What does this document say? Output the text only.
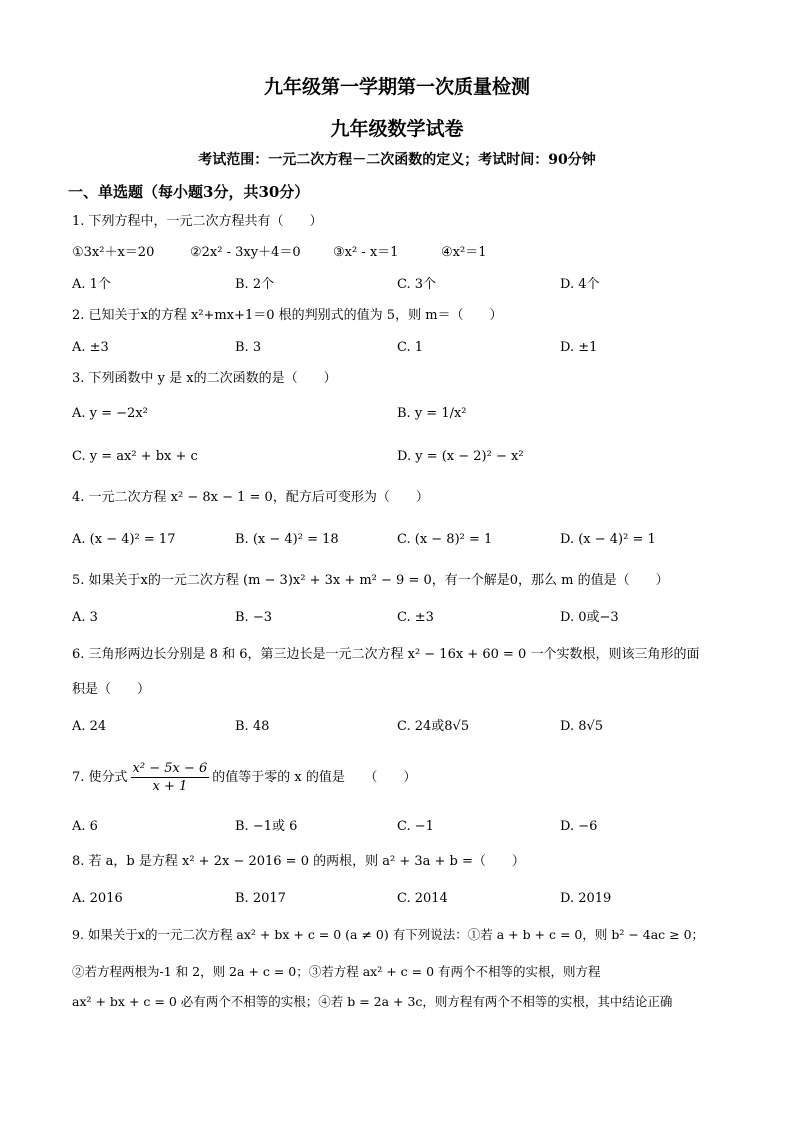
九年级第一学期第一次质量检测
九年级数学试卷
考试范围：一元二次方程－二次函数的定义；考试时间：90分钟
一、单选题（每小题3分，共30分）
1. 下列方程中，一元二次方程共有（　　）
①3x²＋x＝20	②2x² - 3xy＋4＝0 ③x² - x＝1	④x²＝1
A. 1个	B. 2个	C. 3个	D. 4个
2. 已知关于x的方程 x²+mx+1＝0 根的判别式的值为 5，则 m＝（　　）
A. ±3	B. 3	C. 1	D. ±1
3. 下列函数中 y 是 x的二次函数的是（　　）
A. y = −2x²	B. y = 1/x²
C. y = ax² + bx + c	D. y = (x − 2)² − x²
4. 一元二次方程 x² − 8x − 1 = 0，配方后可变形为（　　）
A. (x − 4)² = 17	B. (x − 4)² = 18	C. (x − 8)² = 1	D. (x − 4)² = 1
5. 如果关于x的一元二次方程 (m − 3)x² + 3x + m² − 9 = 0，有一个解是0，那么 m 的值是（　　）
A. 3	B. −3	C. ±3	D. 0或−3
6. 三角形两边长分别是 8 和 6，第三边长是一元二次方程 x² − 16x + 60 = 0 一个实数根，则该三角形的面
积是（　　）
A. 24	B. 48	C. 24或8√5	D. 8√5
7. 使分式 $\frac{\text{x² − 5x − 6}}{x + 1}$ 的值等于零的 x 的值是　　（　　）
A. 6	B. −1或 6	C. −1	D. −6
8. 若 a，b 是方程 x² + 2x − 2016 = 0 的两根，则 a² + 3a + b =（　　）
A. 2016	B. 2017	C. 2014	D. 2019
9. 如果关于x的一元二次方程 ax² + bx + c = 0 (a ≠ 0) 有下列说法：①若 a + b + c = 0，则 b² − 4ac ≥ 0；
②若方程两根为-1 和 2，则 2a + c = 0；③若方程 ax² + c = 0 有两个不相等的实根，则方程
ax² + bx + c = 0 必有两个不相等的实根；④若 b = 2a + 3c，则方程有两个不相等的实根，其中结论正确
